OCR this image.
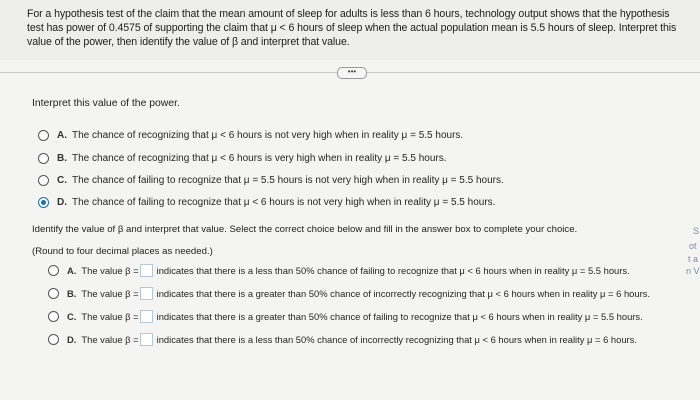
For a hypothesis test of the claim that the mean amount of sleep for adults is less than 6 hours, technology output shows that the hypothesis test has power of 0.4575 of supporting the claim that μ < 6 hours of sleep when the actual population mean is 5.5 hours of sleep. Interpret this value of the power, then identify the value of β and interpret that value.

•••
Interpret this value of the power.
A. The chance of recognizing that μ < 6 hours is not very high when in reality μ = 5.5 hours.
B. The chance of recognizing that μ < 6 hours is very high when in reality μ = 5.5 hours.
C. The chance of failing to recognize that μ = 5.5 hours is not very high when in reality μ = 5.5 hours.
D. The chance of failing to recognize that μ < 6 hours is not very high when in reality μ = 5.5 hours.
Identify the value of β and interpret that value. Select the correct choice below and fill in the answer box to complete your choice.
(Round to four decimal places as needed.)
A. The value β = indicates that there is a less than 50% chance of failing to recognize that μ < 6 hours when in reality μ = 5.5 hours.
B. The value β = indicates that there is a greater than 50% chance of incorrectly recognizing that μ < 6 hours when in reality μ = 6 hours.
C. The value β = indicates that there is a greater than 50% chance of failing to recognize that μ < 6 hours when in reality μ = 5.5 hours.
D. The value β = indicates that there is a less than 50% chance of incorrectly recognizing that μ < 6 hours when in reality μ = 6 hours.
S
ot
t a
n V
